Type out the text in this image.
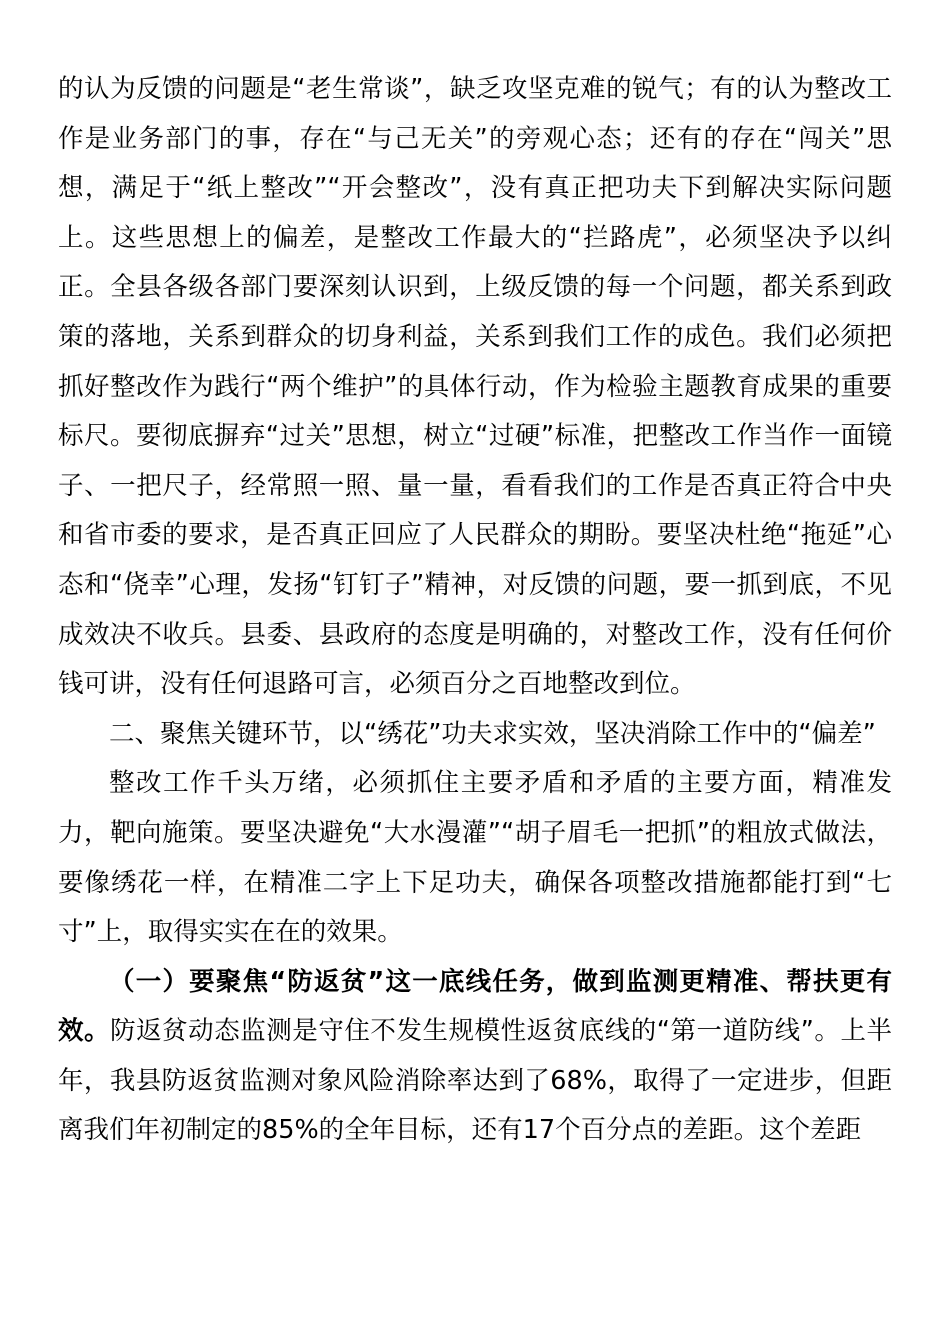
的认为反馈的问题是“老生常谈”，缺乏攻坚克难的锐气；有的认为整改工作是业务部门的事，存在“与己无关”的旁观心态；还有的存在“闯关”思想，满足于“纸上整改”“开会整改”，没有真正把功夫下到解决实际问题上。这些思想上的偏差，是整改工作最大的“拦路虎”，必须坚决予以纠正。全县各级各部门要深刻认识到，上级反馈的每一个问题，都关系到政策的落地，关系到群众的切身利益，关系到我们工作的成色。我们必须把抓好整改作为践行“两个维护”的具体行动，作为检验主题教育成果的重要标尺。要彻底摒弃“过关”思想，树立“过硬”标准，把整改工作当作一面镜子、一把尺子，经常照一照、量一量，看看我们的工作是否真正符合中央和省市委的要求，是否真正回应了人民群众的期盼。要坚决杜绝“拖延”心态和“侥幸”心理，发扬“钉钉子”精神，对反馈的问题，要一抓到底，不见成效决不收兵。县委、县政府的态度是明确的，对整改工作，没有任何价钱可讲，没有任何退路可言，必须百分之百地整改到位。

二、聚焦关键环节，以“绣花”功夫求实效，坚决消除工作中的“偏差”

整改工作千头万绪，必须抓住主要矛盾和矛盾的主要方面，精准发力，靶向施策。要坚决避免“大水漫灌”“胡子眉毛一把抓”的粗放式做法，要像绣花一样，在精准二字上下足功夫，确保各项整改措施都能打到“七寸”上，取得实实在在的效果。

（一）要聚焦“防返贫”这一底线任务，做到监测更精准、帮扶更有效。防返贫动态监测是守住不发生规模性返贫底线的“第一道防线”。上半年，我县防返贫监测对象风险消除率达到了68%，取得了一定进步，但距离我们年初制定的85%的全年目标，还有17个百分点的差距。这个差距
